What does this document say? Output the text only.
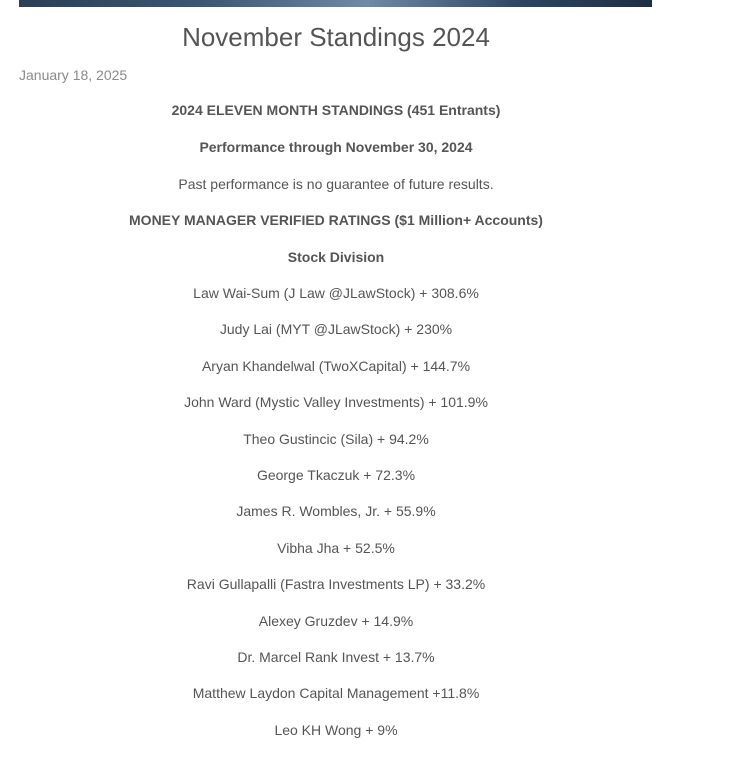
November Standings 2024
January 18, 2025
2024 ELEVEN MONTH STANDINGS (451 Entrants)
Performance through November 30, 2024
Past performance is no guarantee of future results.
MONEY MANAGER VERIFIED RATINGS ($1 Million+ Accounts)
Stock Division
Law Wai-Sum (J Law @JLawStock) + 308.6%
Judy Lai (MYT @JLawStock) + 230%
Aryan Khandelwal (TwoXCapital) + 144.7%
John Ward (Mystic Valley Investments) + 101.9%
Theo Gustincic (Sila) + 94.2%
George Tkaczuk + 72.3%
James R. Wombles, Jr. + 55.9%
Vibha Jha + 52.5%
Ravi Gullapalli (Fastra Investments LP) + 33.2%
Alexey Gruzdev + 14.9%
Dr. Marcel Rank Invest + 13.7%
Matthew Laydon Capital Management +11.8%
Leo KH Wong + 9%
